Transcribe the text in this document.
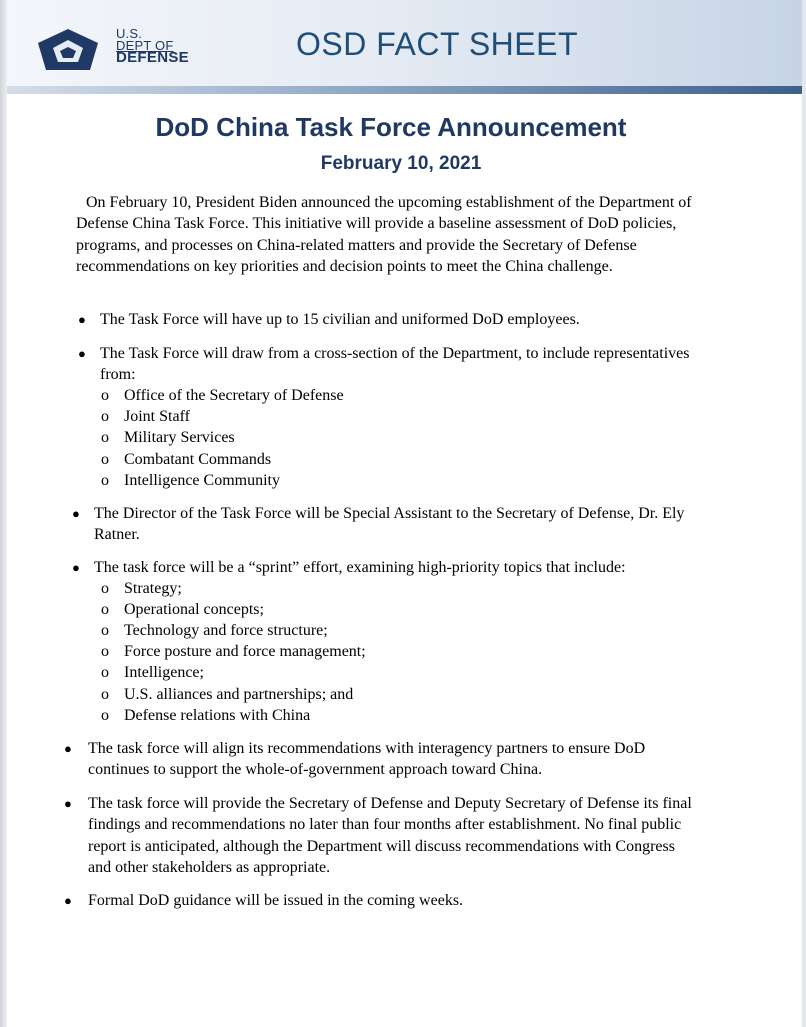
U.S.
DEPT OF
DEFENSE	OSD FACT SHEET
DoD China Task Force Announcement
February 10, 2021
On February 10, President Biden announced the upcoming establishment of the Department of Defense China Task Force. This initiative will provide a baseline assessment of DoD policies, programs, and processes on China-related matters and provide the Secretary of Defense recommendations on key priorities and decision points to meet the China challenge.
● The Task Force will have up to 15 civilian and uniformed DoD employees.
● The Task Force will draw from a cross-section of the Department, to include representatives from:
o Office of the Secretary of Defense
o Joint Staff
o Military Services
o Combatant Commands
o Intelligence Community
● The Director of the Task Force will be Special Assistant to the Secretary of Defense, Dr. Ely Ratner.
● The task force will be a “sprint” effort, examining high-priority topics that include:
o Strategy;
o Operational concepts;
o Technology and force structure;
o Force posture and force management;
o Intelligence;
o U.S. alliances and partnerships; and
o Defense relations with China
● The task force will align its recommendations with interagency partners to ensure DoD continues to support the whole-of-government approach toward China.
● The task force will provide the Secretary of Defense and Deputy Secretary of Defense its final findings and recommendations no later than four months after establishment. No final public report is anticipated, although the Department will discuss recommendations with Congress and other stakeholders as appropriate.
● Formal DoD guidance will be issued in the coming weeks.
